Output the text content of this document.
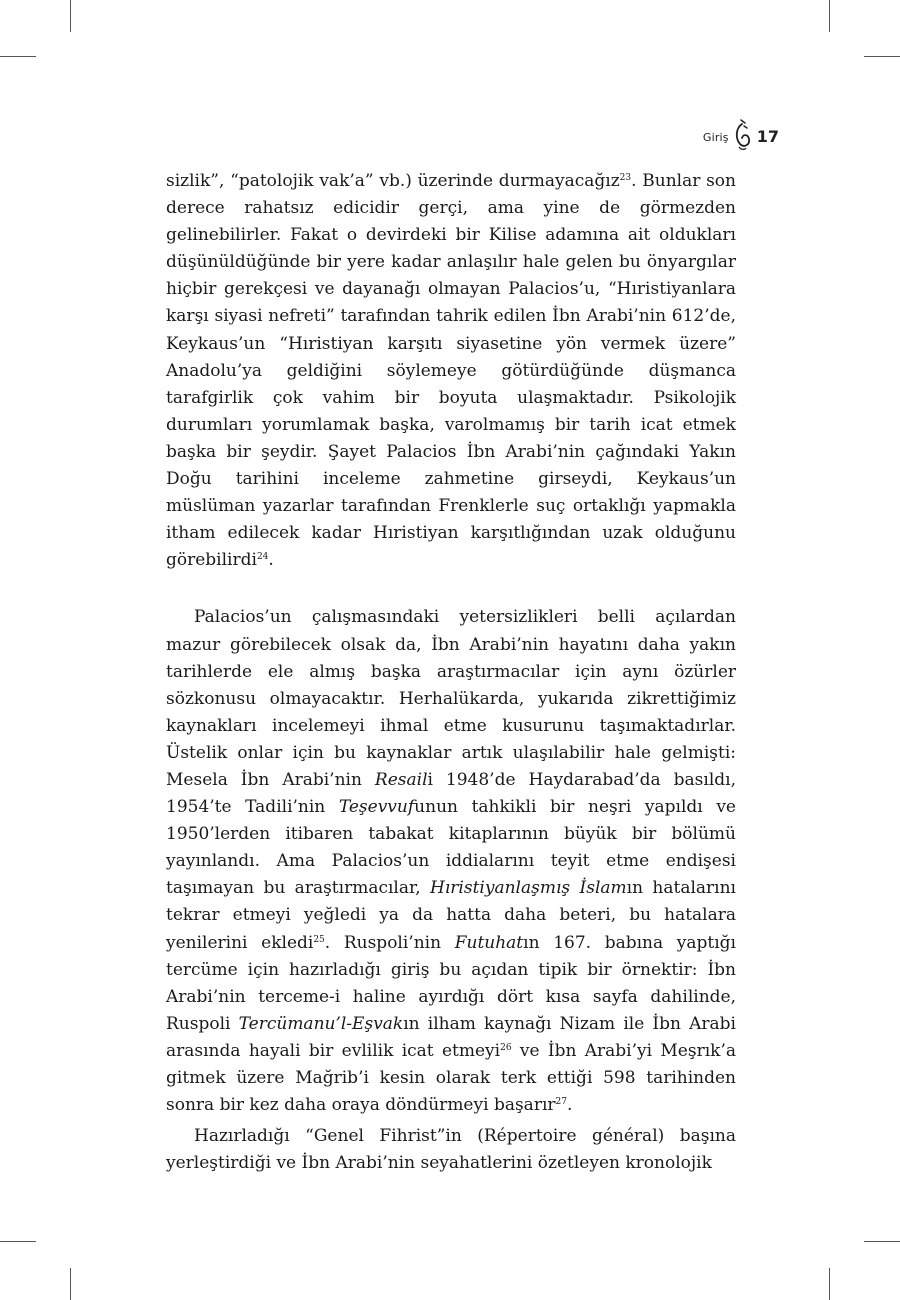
Giriş 17

sizlik”, “patolojik vak’a” vb.) üzerinde durmayacağız$^{23}$. Bunlar son derece rahatsız edicidir gerçi, ama yine de görmezden gelinebilirler. Fakat o devirdeki bir Kilise adamına ait oldukları düşünüldüğünde bir yere kadar anlaşılır hale gelen bu önyargılar hiçbir gerekçesi ve dayanağı olmayan Palacios’u, “Hıristiyanlara karşı siyasi nefreti” tarafından tahrik edilen İbn Arabi’nin 612’de, Keykaus’un “Hıristiyan karşıtı siyasetine yön vermek üzere” Anadolu’ya geldiğini söylemeye götürdüğünde düşmanca tarafgirlik çok vahim bir boyuta ulaşmaktadır. Psikolojik durumları yorumlamak başka, varolmamış bir tarih icat etmek başka bir şeydir. Şayet Palacios İbn Arabi’nin çağındaki Yakın Doğu tarihini inceleme zahmetine girseydi, Keykaus’un müslüman yazarlar tarafından Frenklerle suç ortaklığı yapmakla itham edilecek kadar Hıristiyan karşıtlığından uzak olduğunu görebilirdi$^{24}$.

Palacios’un çalışmasındaki yetersizlikleri belli açılardan mazur görebilecek olsak da, İbn Arabi’nin hayatını daha yakın tarihlerde ele almış başka araştırmacılar için aynı özürler sözkonusu olmayacaktır. Herhalükarda, yukarıda zikrettiğimiz kaynakları incelemeyi ihmal etme kusurunu taşımaktadırlar. Üstelik onlar için bu kaynaklar artık ulaşılabilir hale gelmişti: Mesela İbn Arabi’nin Resaili 1948’de Haydarabad’da basıldı, 1954’te Tadili’nin Teşevvufunun tahkikli bir neşri yapıldı ve 1950’lerden itibaren tabakat kitaplarının büyük bir bölümü yayınlandı. Ama Palacios’un iddialarını teyit etme endişesi taşımayan bu araştırmacılar, Hıristiyanlaşmış İslamın hatalarını tekrar etmeyi yeğledi ya da hatta daha beteri, bu hatalara yenilerini ekledi$^{25}$. Ruspoli’nin Futuhatın 167. babına yaptığı tercüme için hazırladığı giriş bu açıdan tipik bir örnektir: İbn Arabi’nin terceme-i haline ayırdığı dört kısa sayfa dahilinde, Ruspoli Tercümanu’l-Eşvakın ilham kaynağı Nizam ile İbn Arabi arasında hayali bir evlilik icat etmeyi$^{26}$ ve İbn Arabi’yi Meşrık’a gitmek üzere Mağrib’i kesin olarak terk ettiği 598 tarihinden sonra bir kez daha oraya döndürmeyi başarır$^{27}$.

Hazırladığı “Genel Fihrist”in (Répertoire général) başına yerleştirdiği ve İbn Arabi’nin seyahatlerini özetleyen kronolojik
